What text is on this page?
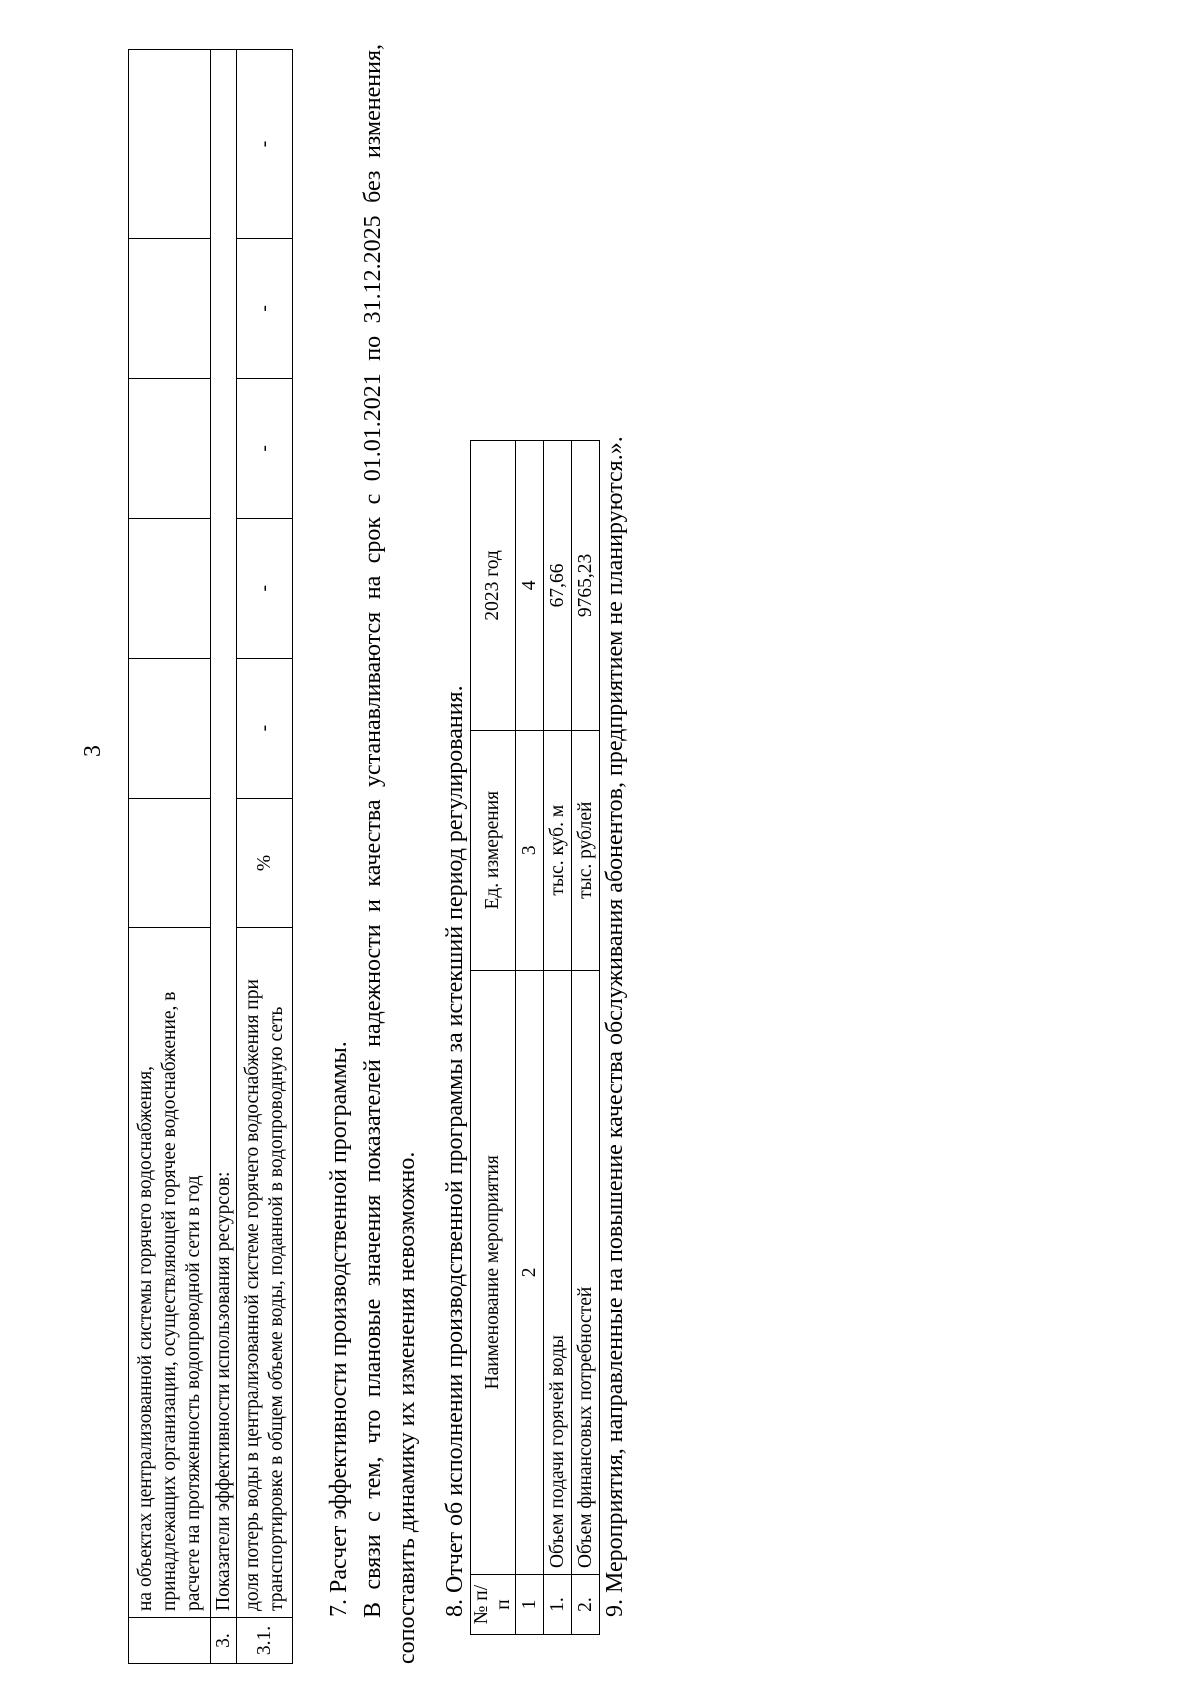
3
	на объектах централизованной системы горячего водоснабжения, принадлежащих организации, осуществляющей горячее водоснабжение, в расчете на протяженность водопроводной сети в год						
3.	Показатели эффективности использования ресурсов:						
3.1.	доля потерь воды в централизованной системе горячего водоснабжения при транспортировке в общем объеме воды, поданной в водопроводную сеть	%	-	-	-	-	-
7. Расчет эффективности производственной программы. В связи с тем, что плановые значения показателей надежности и качества устанавливаются на срок с 01.01.2021 по 31.12.2025 без изменения, сопоставить динамику их изменения невозможно. 8. Отчет об исполнении производственной программы за истекший период регулирования. № п/п	Наименование мероприятия	Ед. измерения	2023 год
1	2	3	4
1.	Объем подачи горячей воды	тыс. куб. м	67,66
2.	Объем финансовых потребностей	тыс. рублей	9765,23 9. Мероприятия, направленные на повышение качества обслуживания абонентов, предприятием не планируются.».
